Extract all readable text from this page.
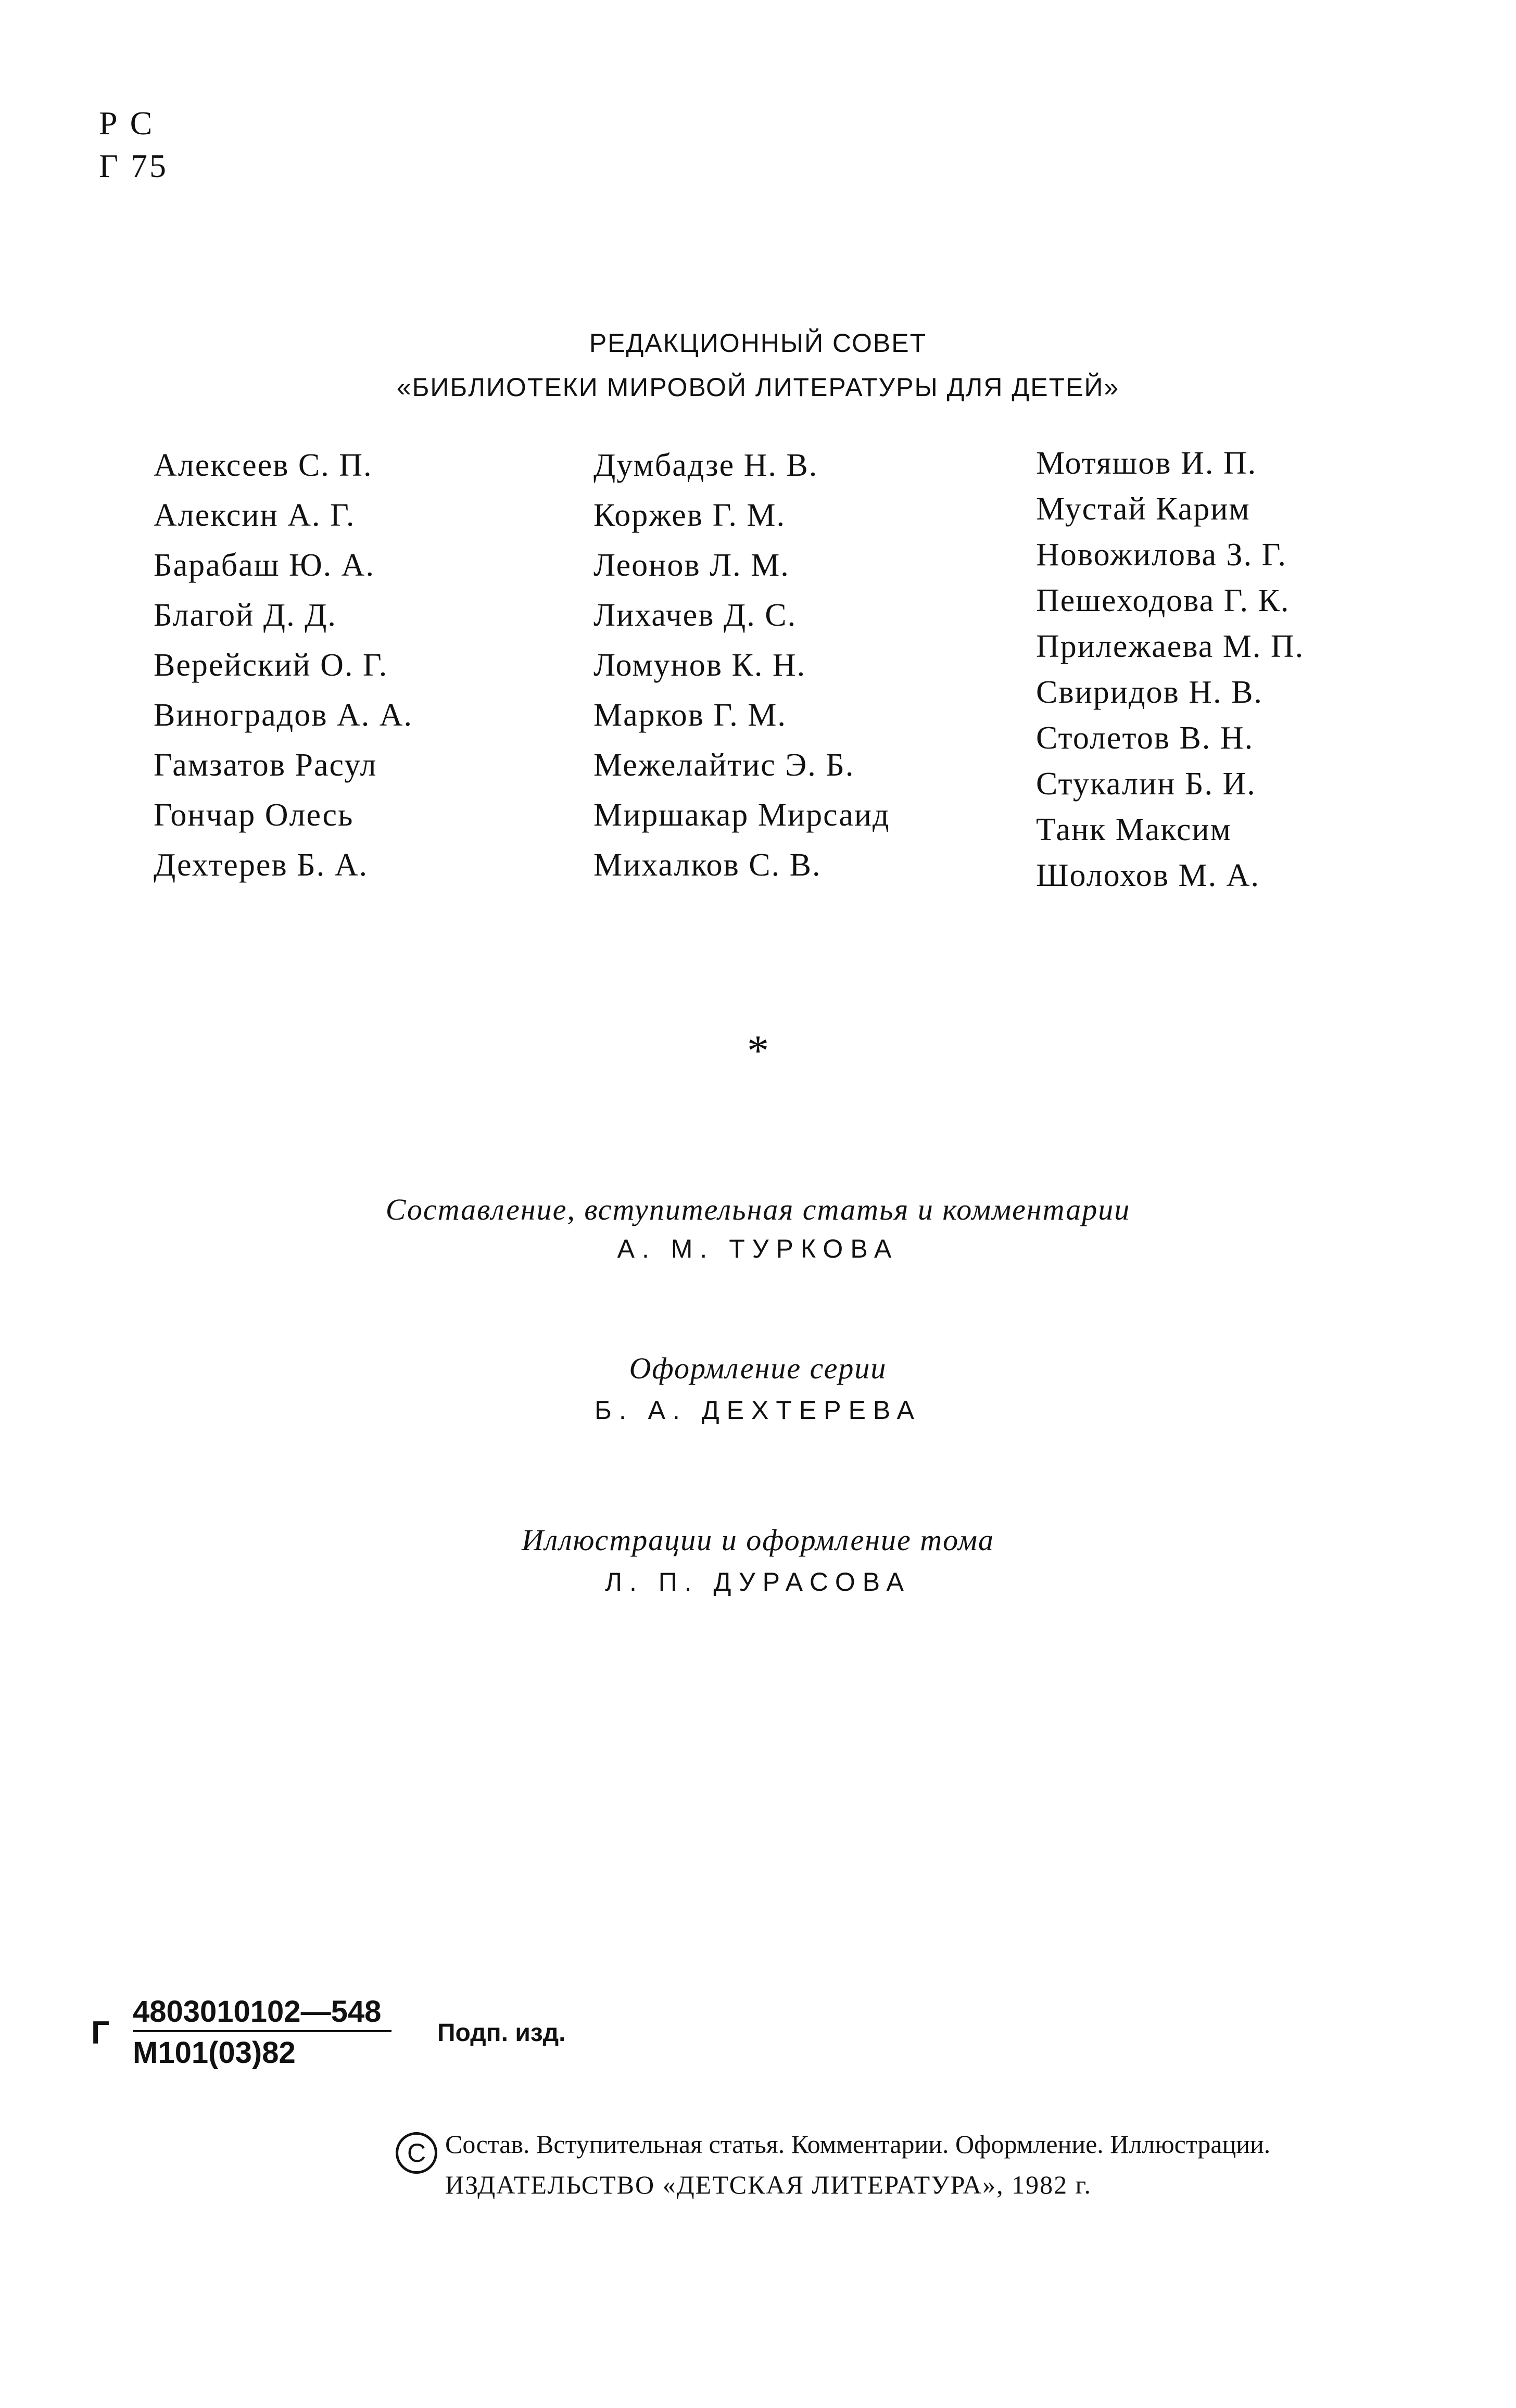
Р С
Г 75
РЕДАКЦИОННЫЙ СОВЕТ
«БИБЛИОТЕКИ МИРОВОЙ ЛИТЕРАТУРЫ ДЛЯ ДЕТЕЙ»
Алексеев С. П.
Алексин А. Г.
Барабаш Ю. А.
Благой Д. Д.
Верейский О. Г.
Виноградов А. А.
Гамзатов Расул
Гончар Олесь
Дехтерев Б. А.
Думбадзе Н. В.
Коржев Г. М.
Леонов Л. М.
Лихачев Д. С.
Ломунов К. Н.
Марков Г. М.
Межелайтис Э. Б.
Миршакар Мирсаид
Михалков С. В.
Мотяшов И. П.
Мустай Карим
Новожилова З. Г.
Пешеходова Г. К.
Прилежаева М. П.
Свиридов Н. В.
Столетов В. Н.
Стукалин Б. И.
Танк Максим
Шолохов М. А.
*
Составление, вступительная статья и комментарии
А. М. ТУРКОВА
Оформление серии
Б. А. ДЕХТЕРЕВА
Иллюстрации и оформление тома
Л. П. ДУРАСОВА
Г
4803010102—548
М101(03)82
Подп. изд.
C Состав. Вступительная статья. Комментарии. Оформление. Иллюстрации.
ИЗДАТЕЛЬСТВО «ДЕТСКАЯ ЛИТЕРАТУРА», 1982 г.
